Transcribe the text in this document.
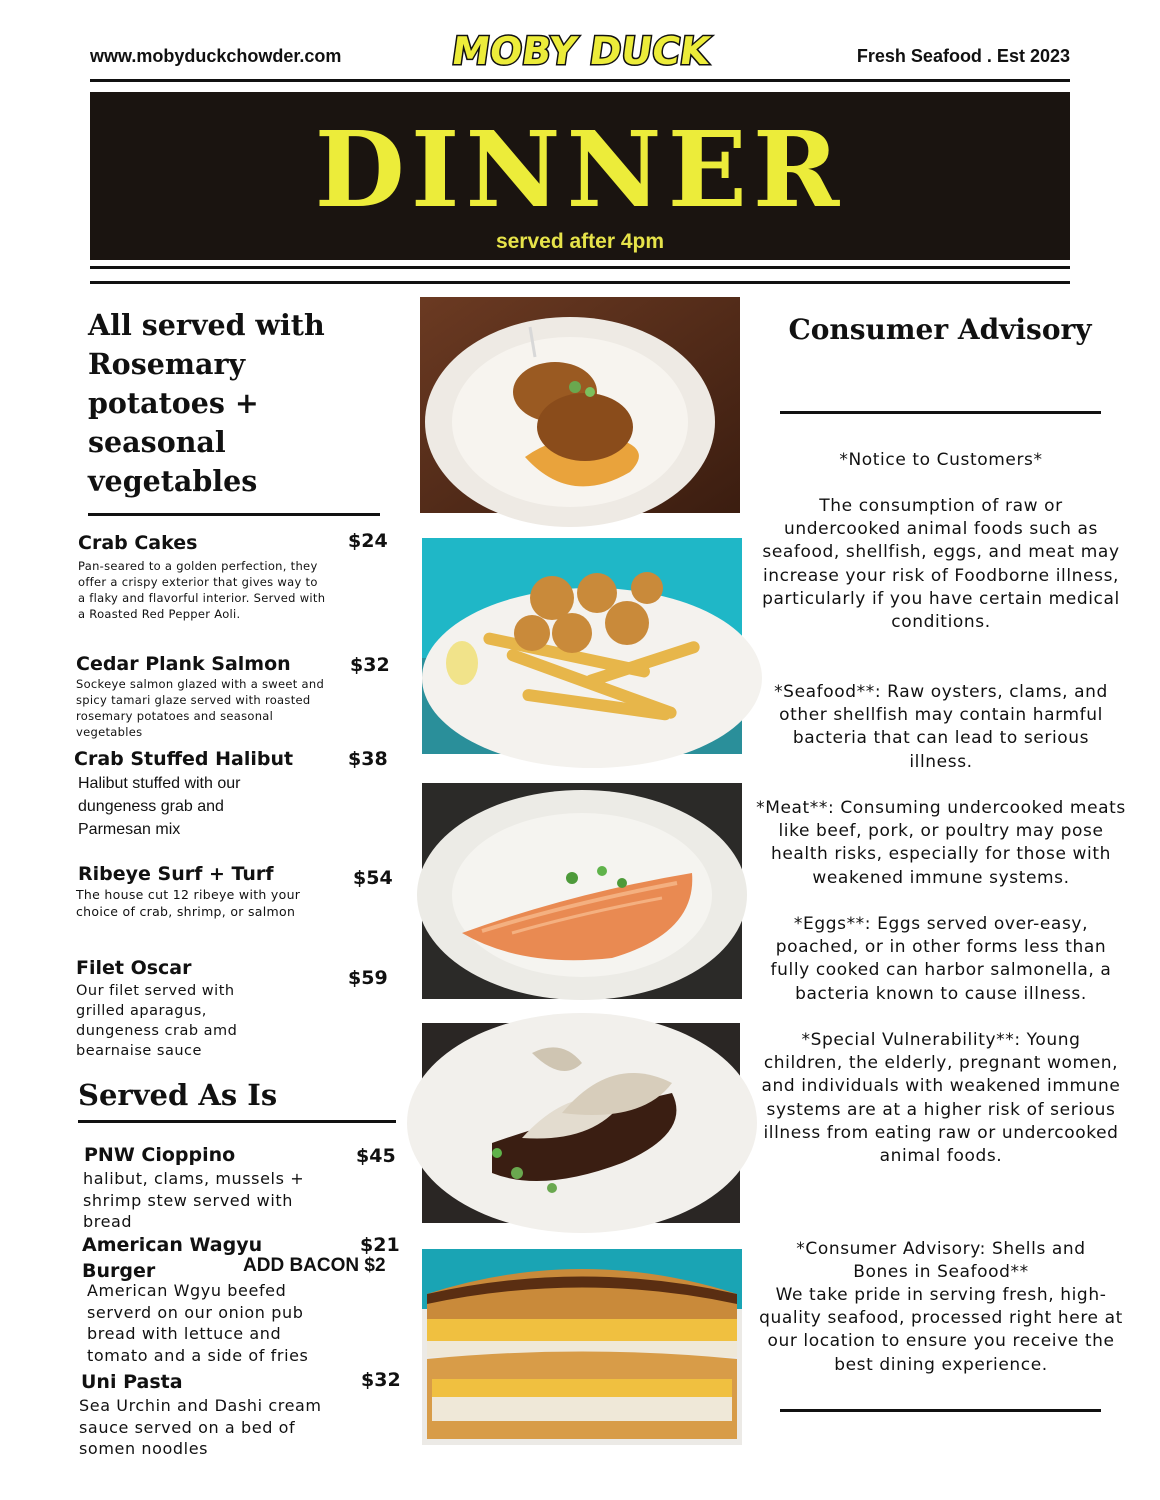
www.mobyduckchowder.com	MOBY DUCK	Fresh Seafood . Est 2023
DINNER
served after 4pm
All served with Rosemary potatoes + seasonal vegetables
Crab Cakes	$24
Pan-seared to a golden perfection, they offer a crispy exterior that gives way to a flaky and flavorful interior. Served with a Roasted Red Pepper Aoli.
Cedar Plank Salmon	$32
Sockeye salmon glazed with a sweet and spicy tamari glaze served with roasted rosemary potatoes and seasonal vegetables
Crab Stuffed Halibut	$38
Halibut stuffed with our dungeness grab and Parmesan mix
Ribeye Surf + Turf	$54
The house cut 12 ribeye with your choice of crab, shrimp, or salmon
Filet Oscar	$59
Our filet served with grilled aparagus, dungeness crab amd bearnaise sauce
Served As Is
PNW Cioppino	$45
halibut, clams, mussels + shrimp stew served with bread
American Wagyu Burger
$21
ADD BACON $2
American Wgyu beefed serverd on our onion pub bread with lettuce and tomato and a side of fries
Uni Pasta	$32
Sea Urchin and Dashi cream sauce served on a bed of somen noodles
Consumer Advisory
*Notice to Customers*
The consumption of raw or undercooked animal foods such as seafood, shellfish, eggs, and meat may increase your risk of Foodborne illness, particularly if you have certain medical conditions.
*Seafood**: Raw oysters, clams, and other shellfish may contain harmful bacteria that can lead to serious illness.
*Meat**: Consuming undercooked meats like beef, pork, or poultry may pose health risks, especially for those with weakened immune systems.
*Eggs**: Eggs served over-easy, poached, or in other forms less than fully cooked can harbor salmonella, a bacteria known to cause illness.
*Special Vulnerability**: Young children, the elderly, pregnant women, and individuals with weakened immune systems are at a higher risk of serious illness from eating raw or undercooked animal foods.
*Consumer Advisory: Shells and Bones in Seafood**
We take pride in serving fresh, high-quality seafood, processed right here at our location to ensure you receive the best dining experience.
